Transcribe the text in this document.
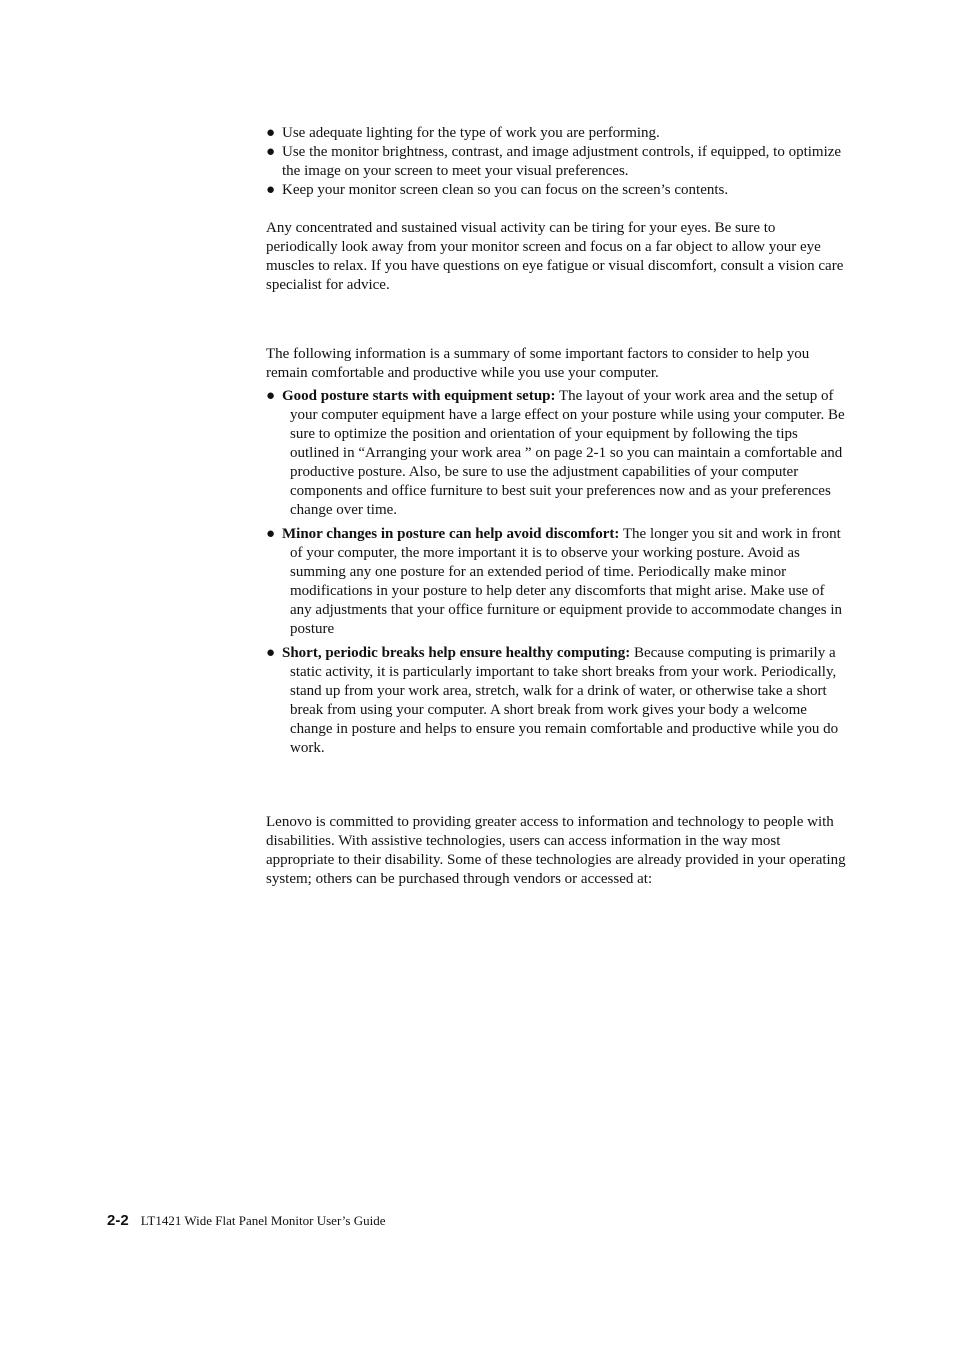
● Use adequate lighting for the type of work you are performing.
● Use the monitor brightness, contrast, and image adjustment controls, if equipped, to optimize the image on your screen to meet your visual preferences.
● Keep your monitor screen clean so you can focus on the screen’s contents.

Any concentrated and sustained visual activity can be tiring for your eyes. Be sure to periodically look away from your monitor screen and focus on a far object to allow your eye muscles to relax. If you have questions on eye fatigue or visual discomfort, consult a vision care specialist for advice.

The following information is a summary of some important factors to consider to help you remain comfortable and productive while you use your computer.

● Good posture starts with equipment setup: The layout of your work area and the setup of your computer equipment have a large effect on your posture while using your computer. Be sure to optimize the position and orientation of your equipment by following the tips outlined in “Arranging your work area ” on page 2-1 so you can maintain a comfortable and productive posture. Also, be sure to use the adjustment capabilities of your computer components and office furniture to best suit your preferences now and as your preferences change over time.
● Minor changes in posture can help avoid discomfort: The longer you sit and work in front of your computer, the more important it is to observe your working posture. Avoid as summing any one posture for an extended period of time. Periodically make minor modifications in your posture to help deter any discomforts that might arise. Make use of any adjustments that your office furniture or equipment provide to accommodate changes in posture
● Short, periodic breaks help ensure healthy computing: Because computing is primarily a static activity, it is particularly important to take short breaks from your work. Periodically, stand up from your work area, stretch, walk for a drink of water, or otherwise take a short break from using your computer. A short break from work gives your body a welcome change in posture and helps to ensure you remain comfortable and productive while you do work.

Lenovo is committed to providing greater access to information and technology to people with disabilities. With assistive technologies, users can access information in the way most appropriate to their disability. Some of these technologies are already provided in your operating system; others can be purchased through vendors or accessed at:

2-2 LT1421 Wide Flat Panel Monitor User’s Guide
